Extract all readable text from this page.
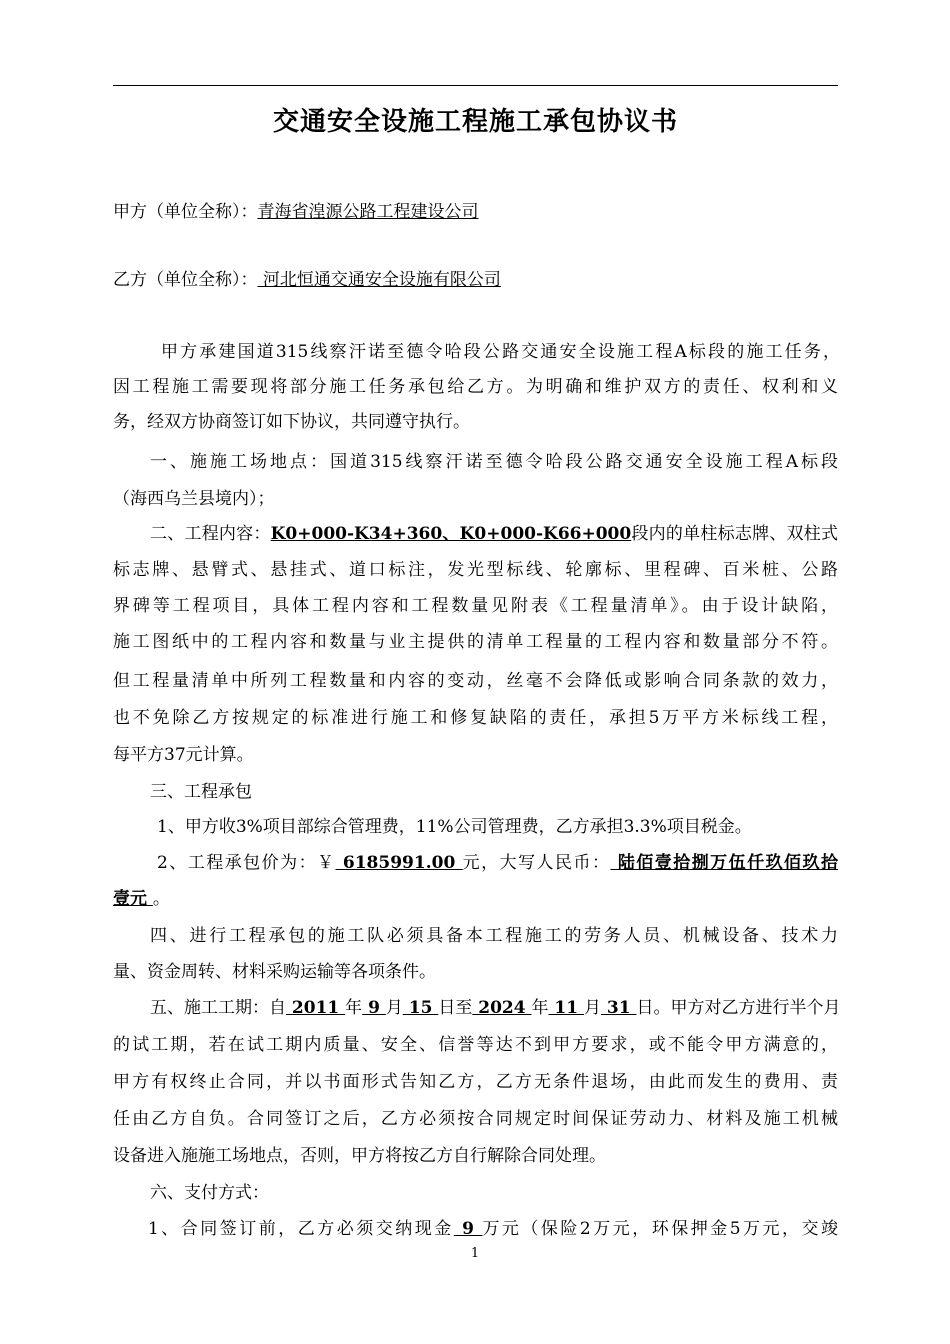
交通安全设施工程施工承包协议书
甲方（单位全称）：青海省湟源公路工程建设公司
乙方（单位全称）： 河北恒通交通安全设施有限公司
甲方承建国道315线察汗诺至德令哈段公路交通安全设施工程A标段的施工任务，
因工程施工需要现将部分施工任务承包给乙方。为明确和维护双方的责任、权利和义
务，经双方协商签订如下协议，共同遵守执行。
一、施施工场地点：国道315线察汗诺至德令哈段公路交通安全设施工程A标段
（海西乌兰县境内）；
二、工程内容：K0+000-K34+360、K0+000-K66+000段内的单柱标志牌、双柱式
标志牌、悬臂式、悬挂式、道口标注，发光型标线、轮廓标、里程碑、百米桩、公路
界碑等工程项目，具体工程内容和工程数量见附表《工程量清单》。由于设计缺陷，
施工图纸中的工程内容和数量与业主提供的清单工程量的工程内容和数量部分不符。
但工程量清单中所列工程数量和内容的变动，丝毫不会降低或影响合同条款的效力，
也不免除乙方按规定的标准进行施工和修复缺陷的责任，承担5万平方米标线工程，
每平方37元计算。
三、工程承包
1、甲方收3%项目部综合管理费，11%公司管理费，乙方承担3.3%项目税金。
2、工程承包价为：￥ 6185991.00 元，大写人民币： 陆佰壹拾捌万伍仟玖佰玖拾
壹元 。
四、进行工程承包的施工队必须具备本工程施工的劳务人员、机械设备、技术力
量、资金周转、材料采购运输等各项条件。
五、施工工期：自 2011 年 9 月 15 日至 2024 年 11 月 31 日。甲方对乙方进行半个月
的试工期，若在试工期内质量、安全、信誉等达不到甲方要求，或不能令甲方满意的，
甲方有权终止合同，并以书面形式告知乙方，乙方无条件退场，由此而发生的费用、责
任由乙方自负。合同签订之后，乙方必须按合同规定时间保证劳动力、材料及施工机械
设备进入施施工场地点，否则，甲方将按乙方自行解除合同处理。
六、支付方式：
1、合同签订前，乙方必须交纳现金 9 万元（保险2万元，环保押金5万元，交竣
1
